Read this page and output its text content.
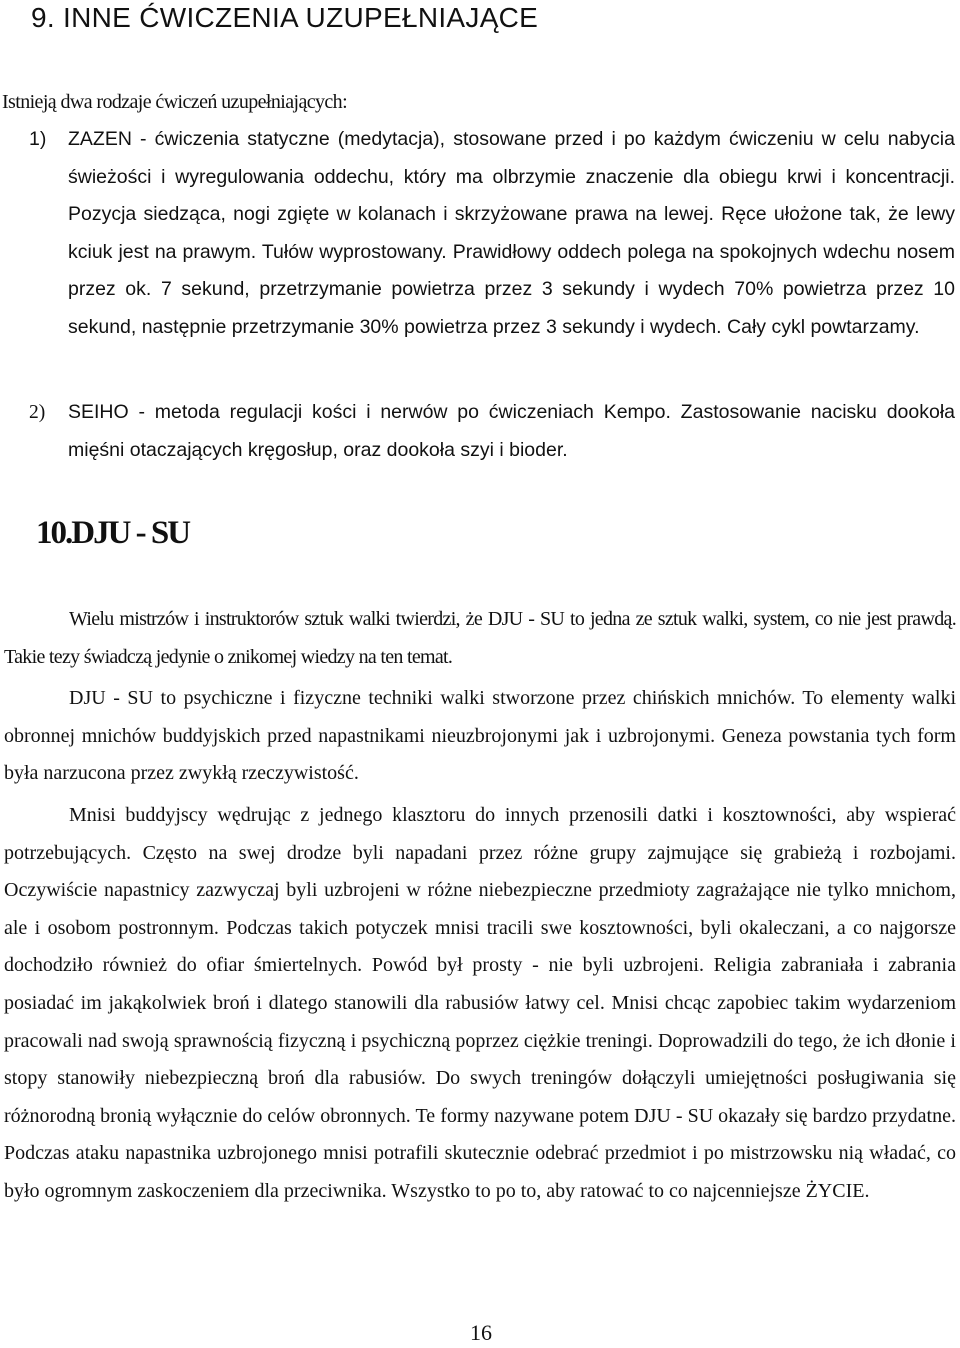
9. INNE ĆWICZENIA UZUPEŁNIAJĄCE
Istnieją dwa rodzaje ćwiczeń uzupełniających:
1) ZAZEN - ćwiczenia statyczne (medytacja), stosowane przed i po każdym ćwiczeniu w celu nabycia świeżości i wyregulowania oddechu, który ma olbrzymie znaczenie dla obiegu krwi i koncentracji. Pozycja siedząca, nogi zgięte w kolanach i skrzyżowane prawa na lewej. Ręce ułożone tak, że lewy kciuk jest na prawym. Tułów wyprostowany. Prawidłowy oddech polega na spokojnych wdechu nosem przez ok. 7 sekund, przetrzymanie powietrza przez 3 sekundy i wydech 70% powietrza przez 10 sekund, następnie przetrzymanie 30% powietrza przez 3 sekundy i wydech. Cały cykl powtarzamy.
2) SEIHO - metoda regulacji kości i nerwów po ćwiczeniach Kempo. Zastosowanie nacisku dookoła mięśni otaczających kręgosłup, oraz dookoła szyi i bioder.
10.DJU - SU

Wielu mistrzów i instruktorów sztuk walki twierdzi, że DJU - SU to jedna ze sztuk walki, system, co nie jest prawdą. Takie tezy świadczą jedynie o znikomej wiedzy na ten temat.

DJU - SU to psychiczne i fizyczne techniki walki stworzone przez chińskich mnichów. To elementy walki obronnej mnichów buddyjskich przed napastnikami nieuzbrojonymi jak i uzbrojonymi. Geneza powstania tych form była narzucona przez zwykłą rzeczywistość.

Mnisi buddyjscy wędrując z jednego klasztoru do innych przenosili datki i kosztowności, aby wspierać potrzebujących. Często na swej drodze byli napadani przez różne grupy zajmujące się grabieżą i rozbojami. Oczywiście napastnicy zazwyczaj byli uzbrojeni w różne niebezpieczne przedmioty zagrażające nie tylko mnichom, ale i osobom postronnym. Podczas takich potyczek mnisi tracili swe kosztowności, byli okaleczani, a co najgorsze dochodziło również do ofiar śmiertelnych. Powód był prosty - nie byli uzbrojeni. Religia zabraniała i zabrania posiadać im jakąkolwiek broń i dlatego stanowili dla rabusiów łatwy cel. Mnisi chcąc zapobiec takim wydarzeniom pracowali nad swoją sprawnością fizyczną i psychiczną poprzez ciężkie treningi. Doprowadzili do tego, że ich dłonie i stopy stanowiły niebezpieczną broń dla rabusiów. Do swych treningów dołączyli umiejętności posługiwania się różnorodną bronią wyłącznie do celów obronnych. Te formy nazywane potem DJU - SU okazały się bardzo przydatne. Podczas ataku napastnika uzbrojonego mnisi potrafili skutecznie odebrać przedmiot i po mistrzowsku nią władać, co było ogromnym zaskoczeniem dla przeciwnika. Wszystko to po to, aby ratować to co najcenniejsze ŻYCIE.

16
